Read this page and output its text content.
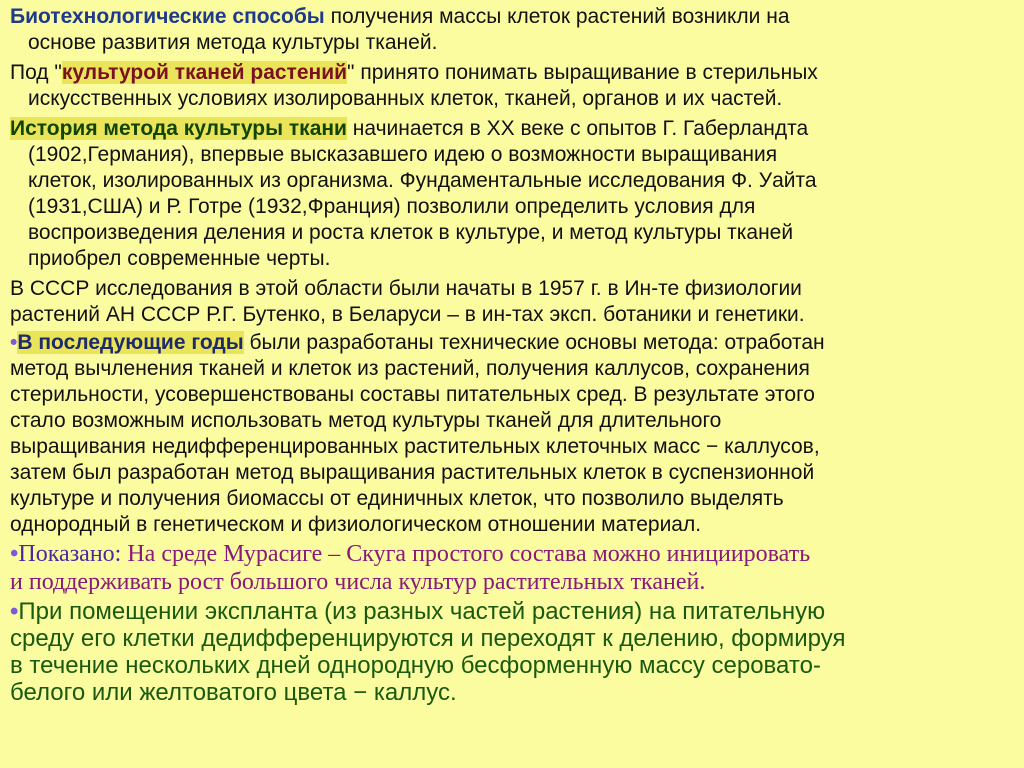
Биотехнологические способы получения массы клеток растений возникли на
основе развития метода культуры тканей.

Под "культурой тканей растений" принято понимать выращивание в стерильных
искусственных условиях изолированных клеток, тканей, органов и их частей.

История метода культуры ткани начинается в ХХ веке с опытов Г. Габерландта
(1902,Германия), впервые высказавшего идею о возможности выращивания
клеток, изолированных из организма. Фундаментальные исследования Ф. Уайта
(1931,США) и Р. Готре (1932,Франция) позволили определить условия для
воспроизведения деления и роста клеток в культуре, и метод культуры тканей
приобрел современные черты.

В СССР исследования в этой области были начаты в 1957 г. в Ин-те физиологии
растений АН СССР Р.Г. Бутенко, в Беларуси – в ин-тах эксп. ботаники и генетики.

•В последующие годы были разработаны технические основы метода: отработан
метод вычленения тканей и клеток из растений, получения каллусов, сохранения
стерильности, усовершенствованы составы питательных сред. В результате этого
стало возможным использовать метод культуры тканей для длительного
выращивания недифференцированных растительных клеточных масс − каллусов,
затем был разработан метод выращивания растительных клеток в суспензионной
культуре и получения биомассы от единичных клеток, что позволило выделять
однородный в генетическом и физиологическом отношении материал.

•Показано: На среде Мурасиге – Скуга простого состава можно инициировать
и поддерживать рост большого числа культур растительных тканей.

•При помещении экспланта (из разных частей растения) на питательную
среду его клетки дедифференцируются и переходят к делению, формируя
в течение нескольких дней однородную бесформенную массу серовато-
белого или желтоватого цвета − каллус.
